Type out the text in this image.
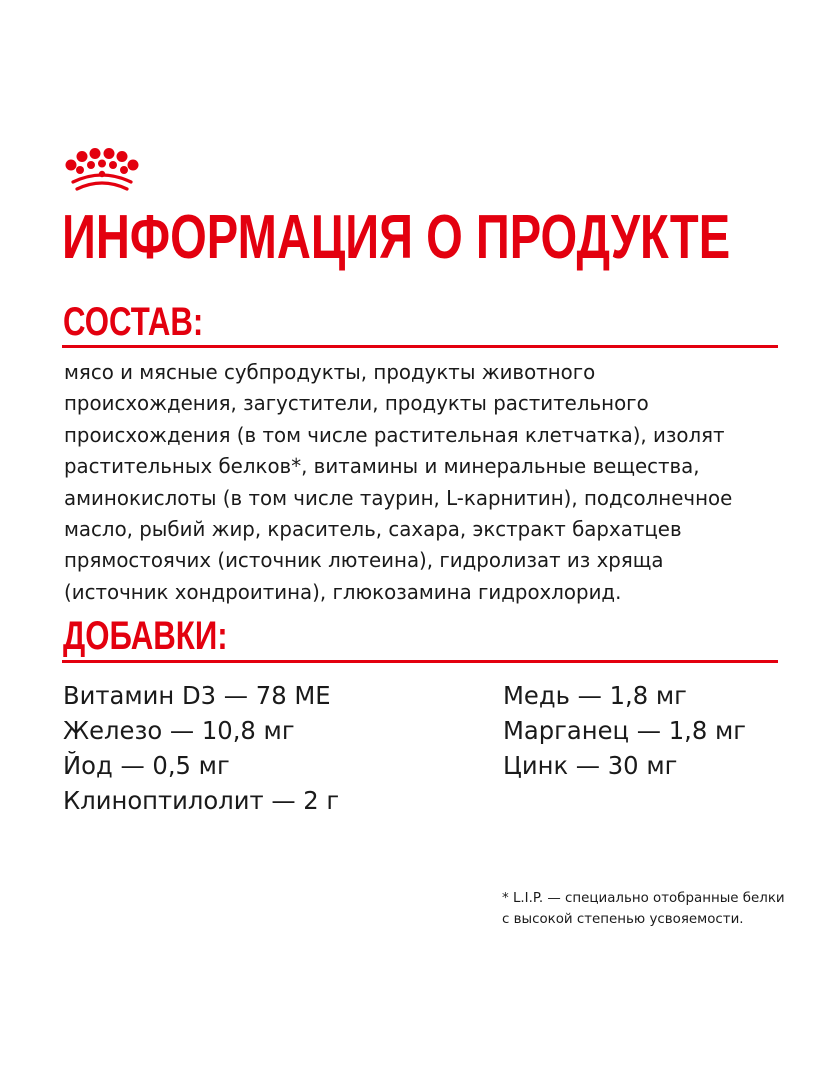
ИНФОРМАЦИЯ О ПРОДУКТЕ
СОСТАВ:
мясо и мясные субпродукты, продукты животного
происхождения, загустители, продукты растительного
происхождения (в том числе растительная клетчатка), изолят
растительных белков*, витамины и минеральные вещества,
аминокислоты (в том числе таурин, L-карнитин), подсолнечное
масло, рыбий жир, краситель, сахара, экстракт бархатцев
прямостоячих (источник лютеина), гидролизат из хряща
(источник хондроитина), глюкозамина гидрохлорид.
ДОБАВКИ:
Витамин D3 — 78 МЕ
Железо — 10,8 мг
Йод — 0,5 мг
Клиноптилолит — 2 г
Медь — 1,8 мг
Марганец — 1,8 мг
Цинк — 30 мг
* L.I.P. — специально отобранные белки
с высокой степенью усвояемости.
